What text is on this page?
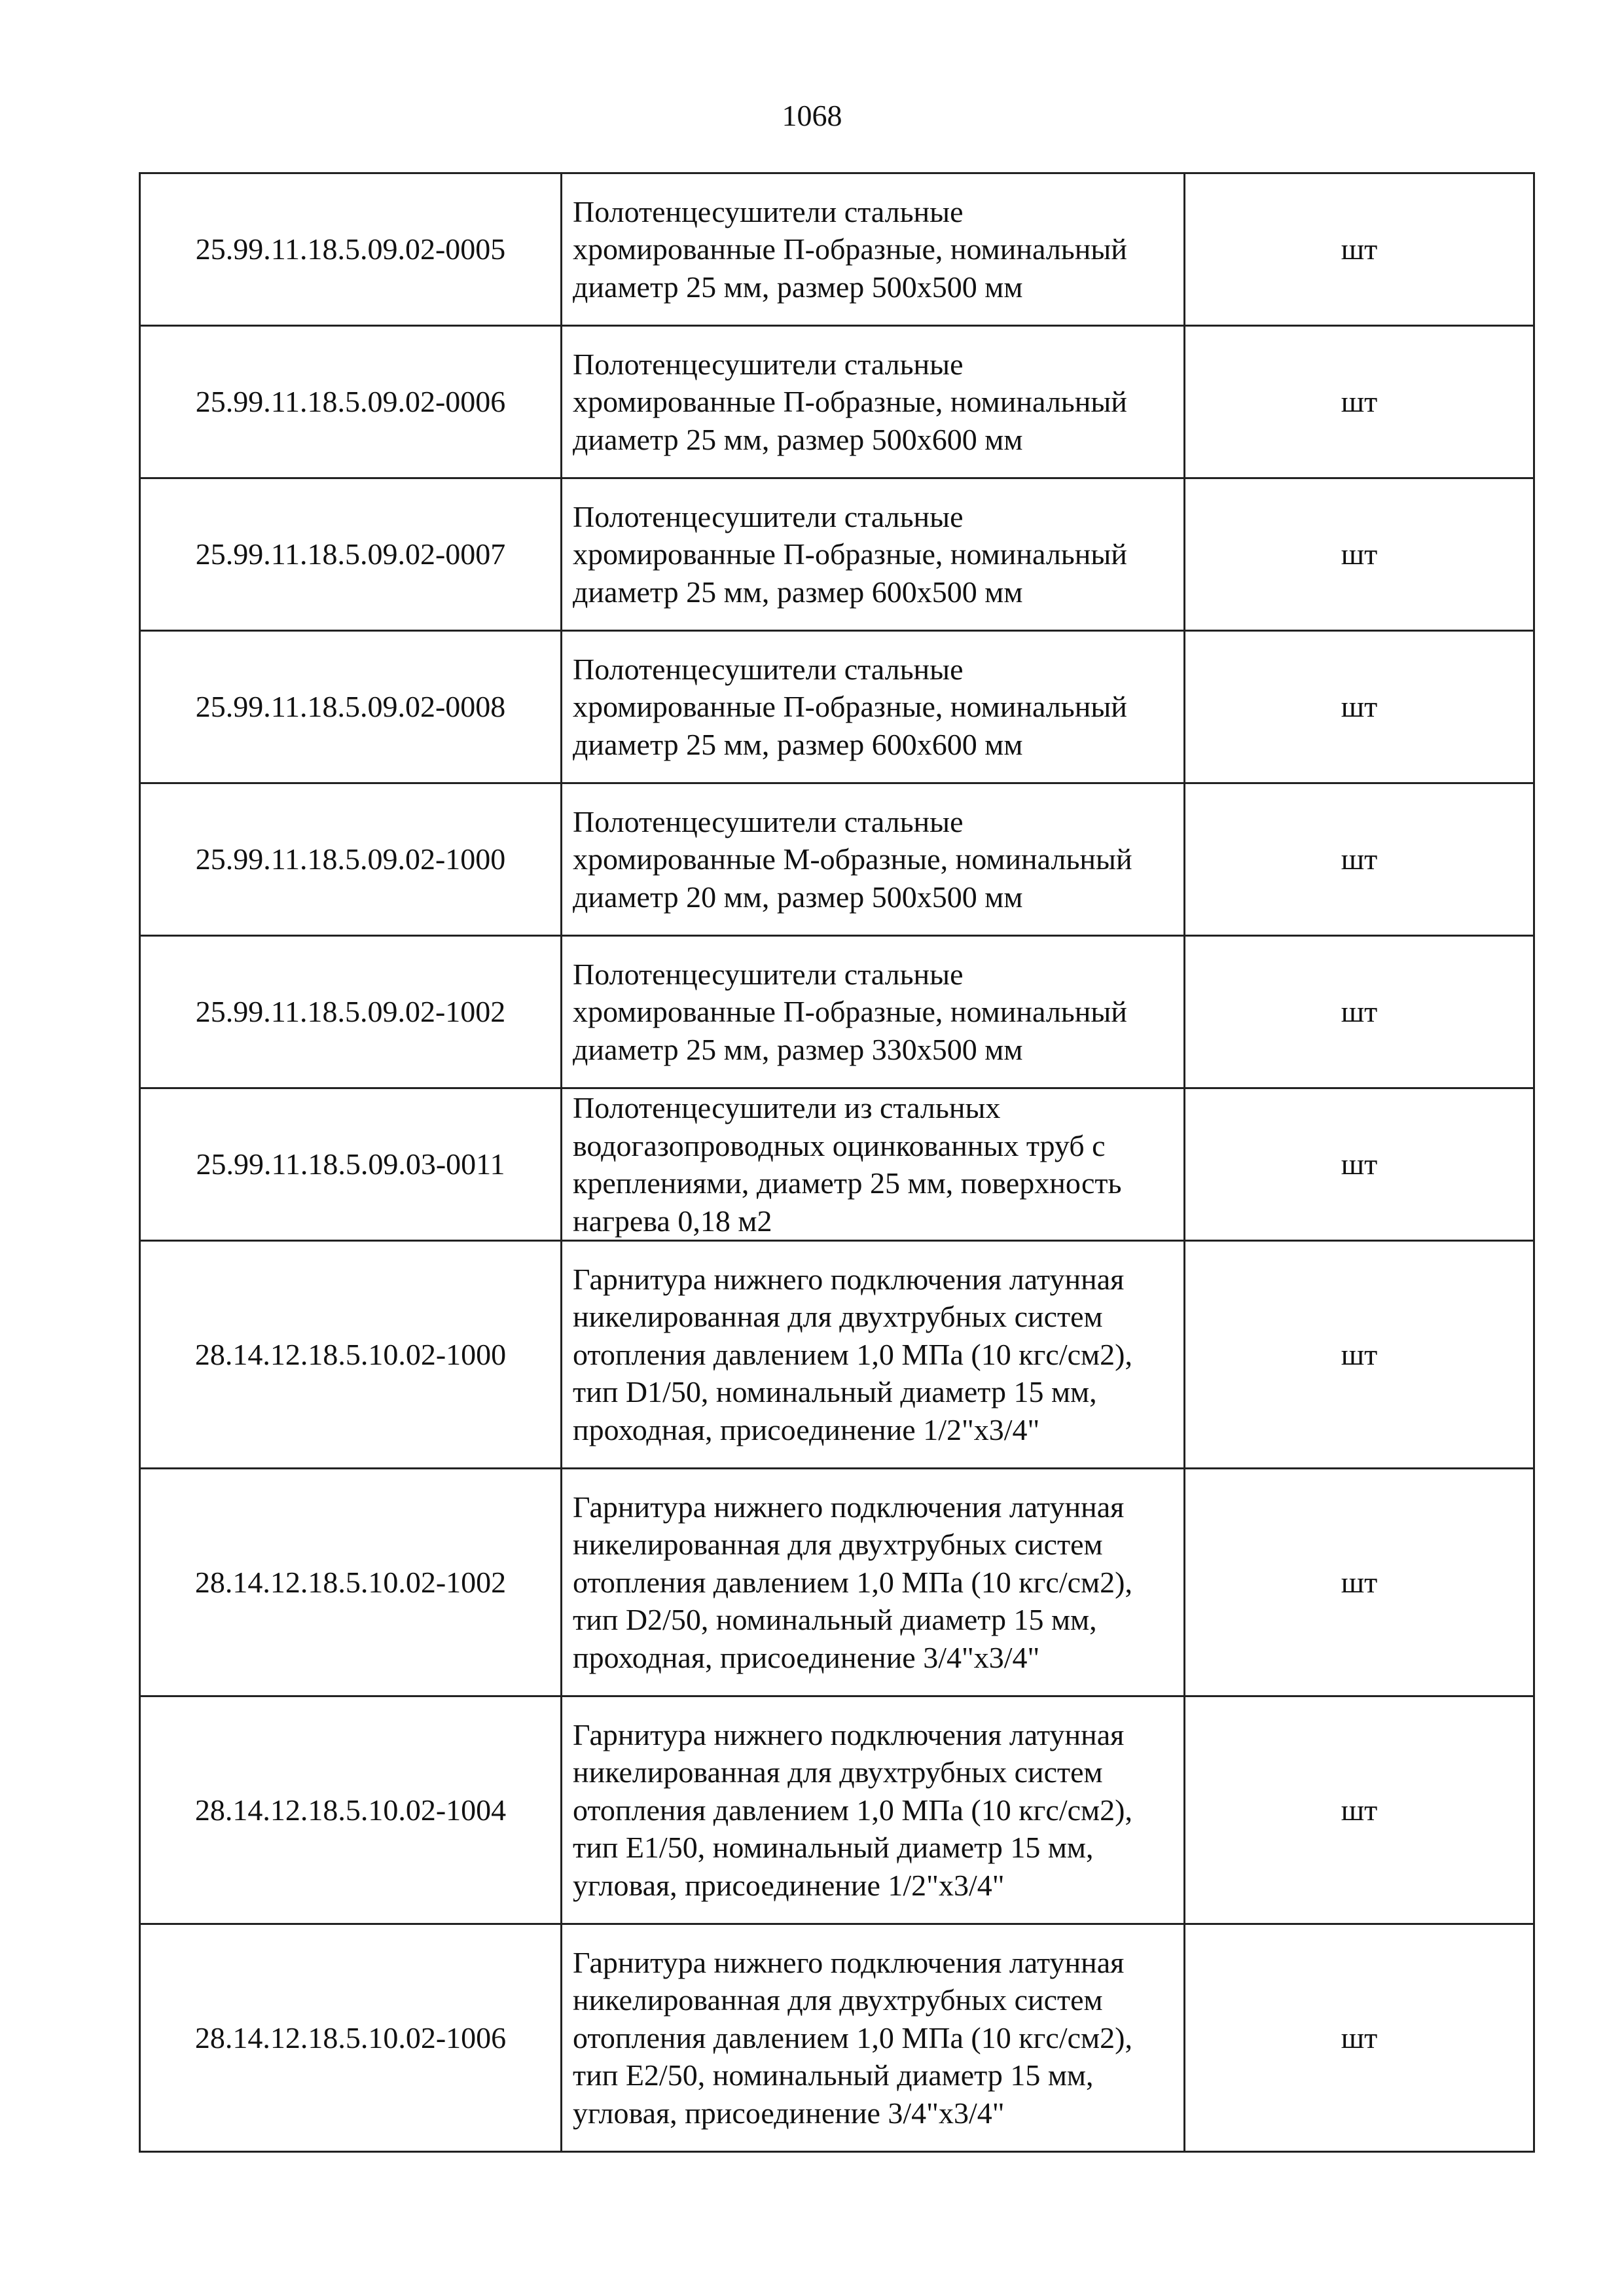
1068
25.99.11.18.5.09.02-0005	Полотенцесушители стальные хромированные П-образные, номинальный диаметр 25 мм, размер 500х500 мм	шт
25.99.11.18.5.09.02-0006	Полотенцесушители стальные хромированные П-образные, номинальный диаметр 25 мм, размер 500х600 мм	шт
25.99.11.18.5.09.02-0007	Полотенцесушители стальные хромированные П-образные, номинальный диаметр 25 мм, размер 600х500 мм	шт
25.99.11.18.5.09.02-0008	Полотенцесушители стальные хромированные П-образные, номинальный диаметр 25 мм, размер 600х600 мм	шт
25.99.11.18.5.09.02-1000	Полотенцесушители стальные хромированные М-образные, номинальный диаметр 20 мм, размер 500х500 мм	шт
25.99.11.18.5.09.02-1002	Полотенцесушители стальные хромированные П-образные, номинальный диаметр 25 мм, размер 330х500 мм	шт
25.99.11.18.5.09.03-0011	Полотенцесушители из стальных водогазопроводных оцинкованных труб с креплениями, диаметр 25 мм, поверхность нагрева 0,18 м2	шт
28.14.12.18.5.10.02-1000	Гарнитура нижнего подключения латунная никелированная для двухтрубных систем отопления давлением 1,0 МПа (10 кгс/см2), тип D1/50, номинальный диаметр 15 мм, проходная, присоединение 1/2"х3/4"	шт
28.14.12.18.5.10.02-1002	Гарнитура нижнего подключения латунная никелированная для двухтрубных систем отопления давлением 1,0 МПа (10 кгс/см2), тип D2/50, номинальный диаметр 15 мм, проходная, присоединение 3/4"х3/4"	шт
28.14.12.18.5.10.02-1004	Гарнитура нижнего подключения латунная никелированная для двухтрубных систем отопления давлением 1,0 МПа (10 кгс/см2), тип E1/50, номинальный диаметр 15 мм, угловая, присоединение 1/2"х3/4"	шт
28.14.12.18.5.10.02-1006	Гарнитура нижнего подключения латунная никелированная для двухтрубных систем отопления давлением 1,0 МПа (10 кгс/см2), тип E2/50, номинальный диаметр 15 мм, угловая, присоединение 3/4"х3/4"	шт
